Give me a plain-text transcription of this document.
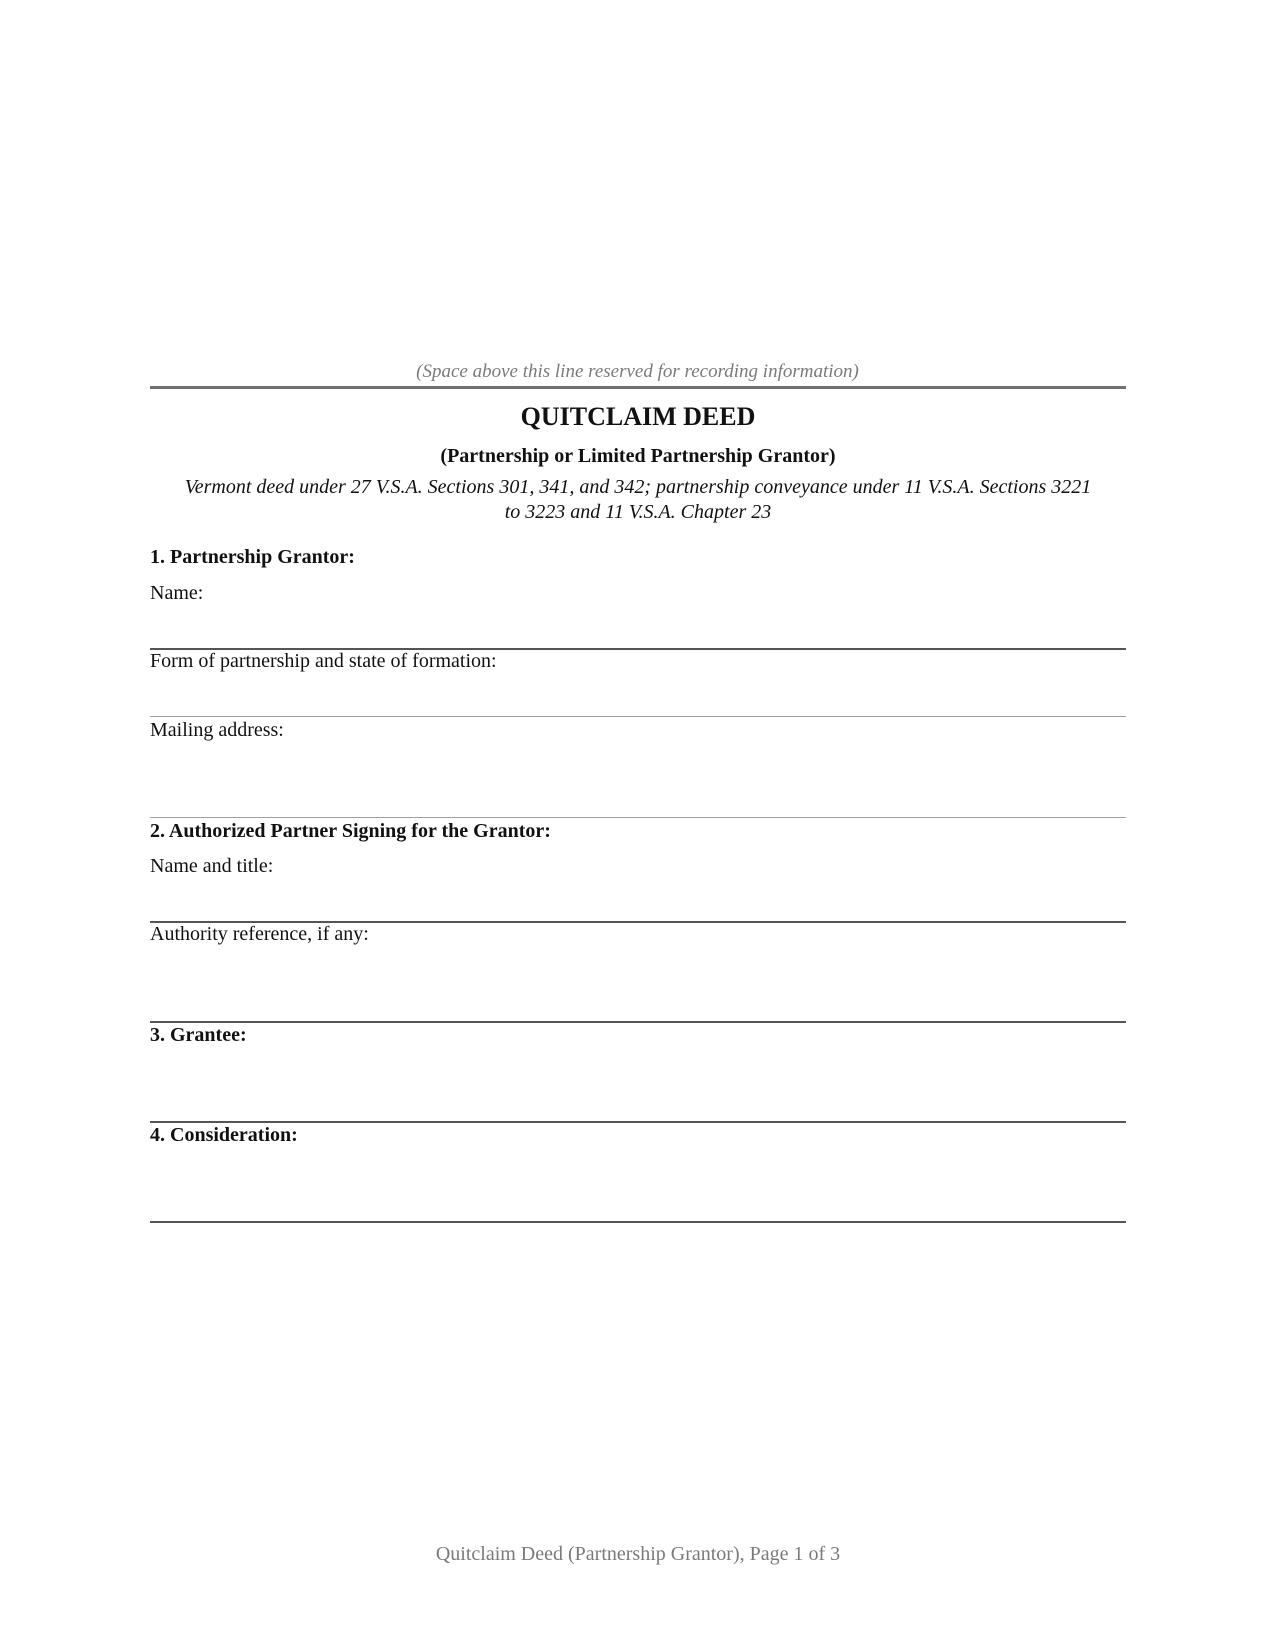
(Space above this line reserved for recording information)
QUITCLAIM DEED
(Partnership or Limited Partnership Grantor)
Vermont deed under 27 V.S.A. Sections 301, 341, and 342; partnership conveyance under 11 V.S.A. Sections 3221
to 3223 and 11 V.S.A. Chapter 23
1. Partnership Grantor:
Name:
Form of partnership and state of formation:
Mailing address:
2. Authorized Partner Signing for the Grantor:
Name and title:
Authority reference, if any:
3. Grantee:
4. Consideration:
Quitclaim Deed (Partnership Grantor), Page 1 of 3
